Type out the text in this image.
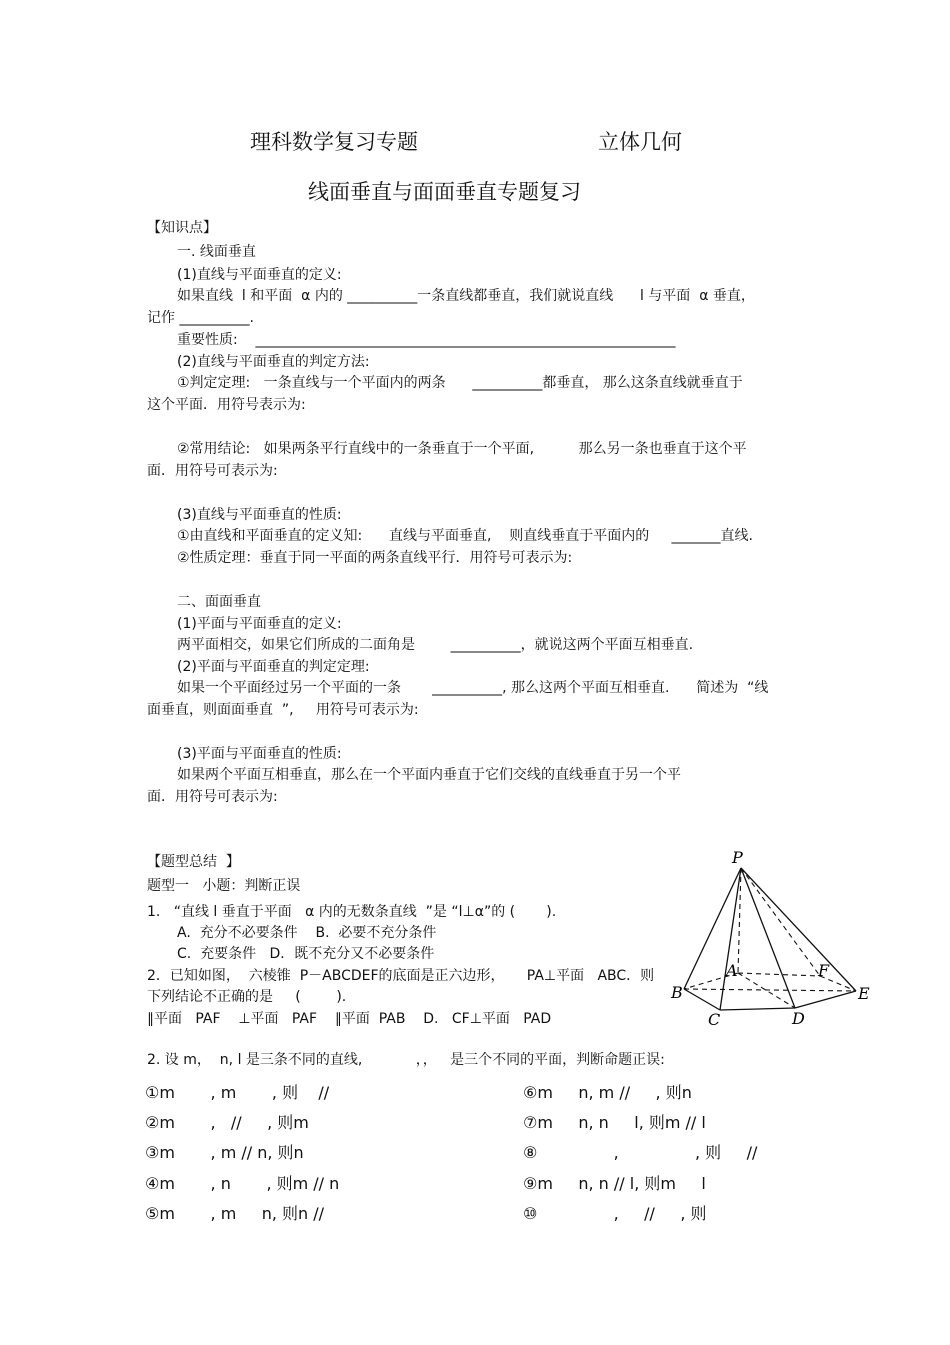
理科数学复习专题	立体几何
线面垂直与面面垂直专题复习
【知识点】
一. 线面垂直
(1)直线与平面垂直的定义:
如果直线  l 和平面  α 内的 __________一条直线都垂直，我们就说直线      l 与平面  α 垂直，
记作 __________.
重要性质:    ____________________________________________________________
(2)直线与平面垂直的判定方法:
①判定定理:   一条直线与一个平面内的两条      __________都垂直， 那么这条直线就垂直于
这个平面．用符号表示为:
②常用结论:   如果两条平行直线中的一条垂直于一个平面,          那么另一条也垂直于这个平
面．用符号可表示为:
(3)直线与平面垂直的性质:
①由直线和平面垂直的定义知:      直线与平面垂直,    则直线垂直于平面内的     _______直线.
②性质定理：垂直于同一平面的两条直线平行．用符号可表示为:
二、面面垂直
(1)平面与平面垂直的定义:
两平面相交，如果它们所成的二面角是        __________，就说这两个平面互相垂直.
(2)平面与平面垂直的判定定理:
如果一个平面经过另一个平面的一条       __________, 那么这两个平面互相垂直.      简述为  “线
面垂直，则面面垂直  ”,     用符号可表示为:
(3)平面与平面垂直的性质:
如果两个平面互相垂直，那么在一个平面内垂直于它们交线的直线垂直于另一个平
面．用符号可表示为:
【题型总结  】
题型一   小题：判断正误
1.   “直线 l 垂直于平面   α 内的无数条直线  ”是 “l⊥α”的 (       ).
A.  充分不必要条件    B.  必要不充分条件
C.  充要条件   D．既不充分又不必要条件
2．已知如图，  六棱锥  P－ABCDEF的底面是正六边形，     PA⊥平面   ABC．则
下列结论不正确的是     (        ).
∥平面   PAF    ⊥平面   PAF    ∥平面  PAB    D.   CF⊥平面   PAD
2. 设 m，  n, l 是三条不同的直线,            ，，   是三个不同的平面，判断命题正误:
①m       , m       , 则    //
②m       ,   //     , 则m
③m       , m // n, 则n
④m       , n       , 则m // n
⑤m       , m     n, 则n //
⑥m     n, m //     , 则n
⑦m     n, n     l, 则m // l
⑧               ,               , 则     //
⑨m     n, n // l, 则m     l
⑩               ,     //     , 则
P
A	F
B	E
C	D
